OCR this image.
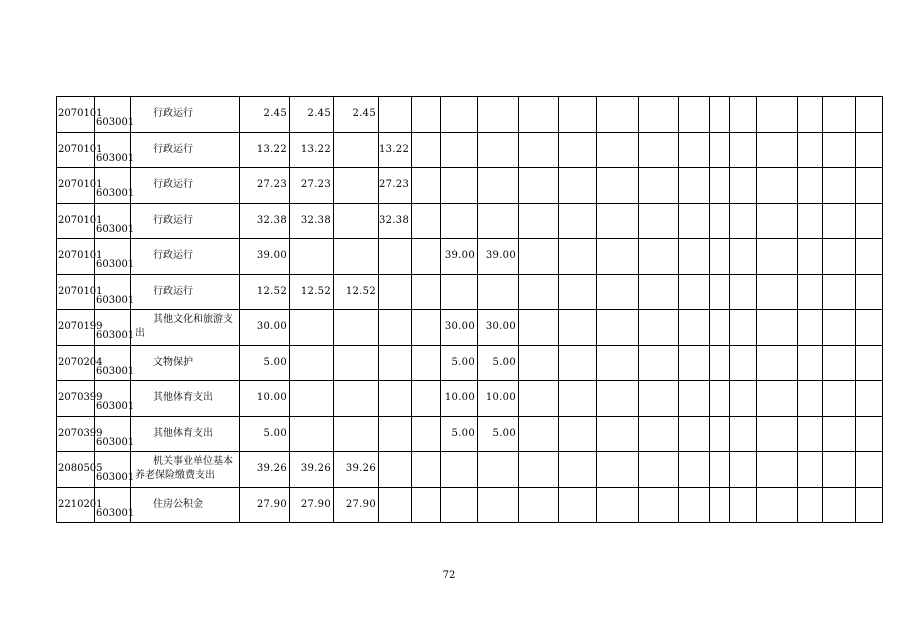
2070101	603001	行政运行	2.45	2.45	2.45															

2070101	603001	行政运行	13.22	13.22		13.22														

2070101	603001	行政运行	27.23	27.23		27.23														

2070101	603001	行政运行	32.38	32.38		32.38														

2070101	603001	行政运行	39.00					39.00	39.00											

2070101	603001	行政运行	12.52	12.52	12.52															

2070199	603001	其他文化和旅游支出	30.00					30.00	30.00											

2070204	603001	文物保护	5.00					5.00	5.00											

2070399	603001	其他体育支出	10.00					10.00	10.00											

2070399	603001	其他体育支出	5.00					5.00	5.00											

2080505	603001	机关事业单位基本养老保险缴费支出	39.26	39.26	39.26															

2210201	603001	住房公积金	27.90	27.90	27.90															
72
